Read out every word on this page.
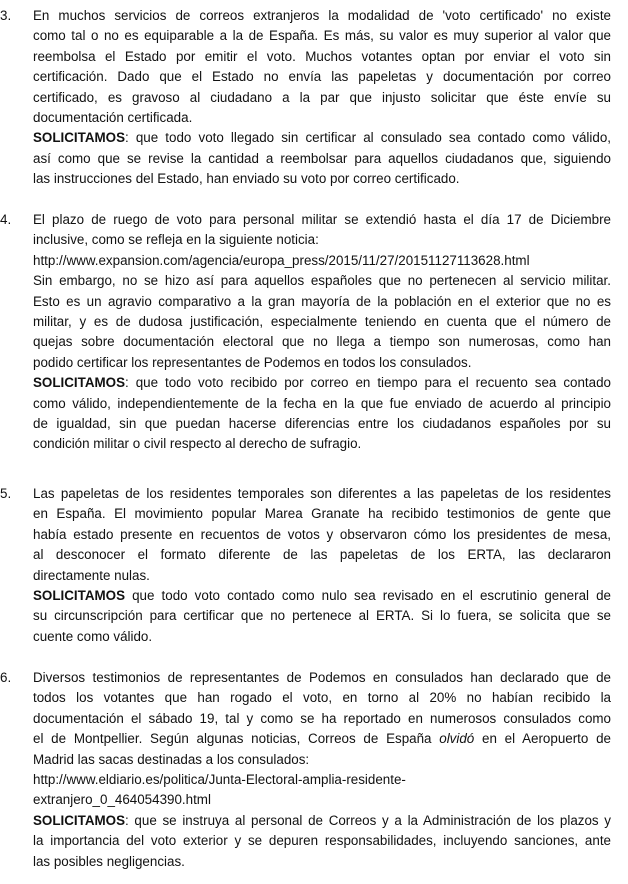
3.	En muchos servicios de correos extranjeros la modalidad de 'voto certificado' no existe
como tal o no es equiparable a la de España. Es más, su valor es muy superior al valor que
reembolsa el Estado por emitir el voto. Muchos votantes optan por enviar el voto sin
certificación. Dado que el Estado no envía las papeletas y documentación por correo
certificado, es gravoso al ciudadano a la par que injusto solicitar que éste envíe su
documentación certificada.
SOLICITAMOS: que todo voto llegado sin certificar al consulado sea contado como válido,
así como que se revise la cantidad a reembolsar para aquellos ciudadanos que, siguiendo
las instrucciones del Estado, han enviado su voto por correo certificado.
4.	El plazo de ruego de voto para personal militar se extendió hasta el día 17 de Diciembre
inclusive, como se refleja en la siguiente noticia:
http://www.expansion.com/agencia/europa_press/2015/11/27/20151127113628.html
Sin embargo, no se hizo así para aquellos españoles que no pertenecen al servicio militar.
Esto es un agravio comparativo a la gran mayoría de la población en el exterior que no es
militar, y es de dudosa justificación, especialmente teniendo en cuenta que el número de
quejas sobre documentación electoral que no llega a tiempo son numerosas, como han
podido certificar los representantes de Podemos en todos los consulados.
SOLICITAMOS: que todo voto recibido por correo en tiempo para el recuento sea contado
como válido, independientemente de la fecha en la que fue enviado de acuerdo al principio
de igualdad, sin que puedan hacerse diferencias entre los ciudadanos españoles por su
condición militar o civil respecto al derecho de sufragio.
5.	Las papeletas de los residentes temporales son diferentes a las papeletas de los residentes
en España. El movimiento popular Marea Granate ha recibido testimonios de gente que
había estado presente en recuentos de votos y observaron cómo los presidentes de mesa,
al desconocer el formato diferente de las papeletas de los ERTA, las declararon
directamente nulas.
SOLICITAMOS que todo voto contado como nulo sea revisado en el escrutinio general de
su circunscripción para certificar que no pertenece al ERTA. Si lo fuera, se solicita que se
cuente como válido.
6.	Diversos testimonios de representantes de Podemos en consulados han declarado que de
todos los votantes que han rogado el voto, en torno al 20% no habían recibido la
documentación el sábado 19, tal y como se ha reportado en numerosos consulados como
el de Montpellier. Según algunas noticias, Correos de España olvidó en el Aeropuerto de
Madrid las sacas destinadas a los consulados:
http://www.eldiario.es/politica/Junta-Electoral-amplia-residente-
extranjero_0_464054390.html
SOLICITAMOS: que se instruya al personal de Correos y a la Administración de los plazos y
la importancia del voto exterior y se depuren responsabilidades, incluyendo sanciones, ante
las posibles negligencias.
